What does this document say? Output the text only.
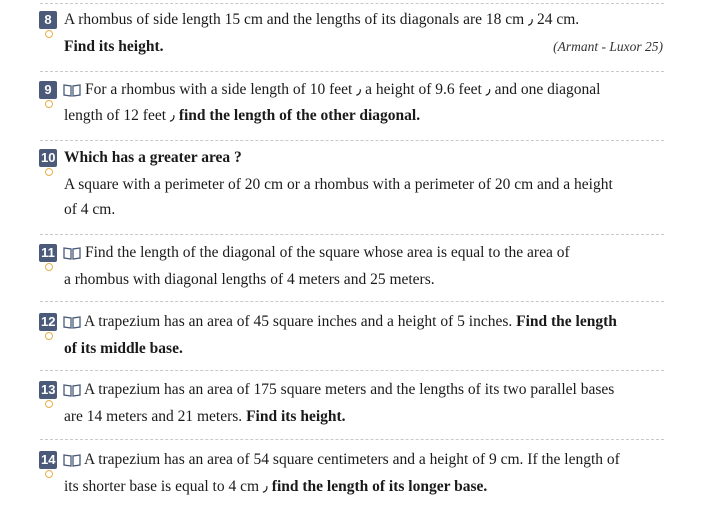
8 A rhombus of side length 15 cm and the lengths of its diagonals are 18 cm ٫ 24 cm.
Find its height.	(Armant - Luxor 25)
9	For a rhombus with a side length of 10 feet ٫ a height of 9.6 feet ٫ and one diagonal
length of 12 feet ٫ find the length of the other diagonal.
10 Which has a greater area ?
A square with a perimeter of 20 cm or a rhombus with a perimeter of 20 cm and a height
of 4 cm.
11 Find the length of the diagonal of the square whose area is equal to the area of
a rhombus with diagonal lengths of 4 meters and 25 meters.
12 A trapezium has an area of 45 square inches and a height of 5 inches. Find the length
of its middle base.
13 A trapezium has an area of 175 square meters and the lengths of its two parallel bases
are 14 meters and 21 meters. Find its height.
14 A trapezium has an area of 54 square centimeters and a height of 9 cm. If the length of
its shorter base is equal to 4 cm ٫ find the length of its longer base.
